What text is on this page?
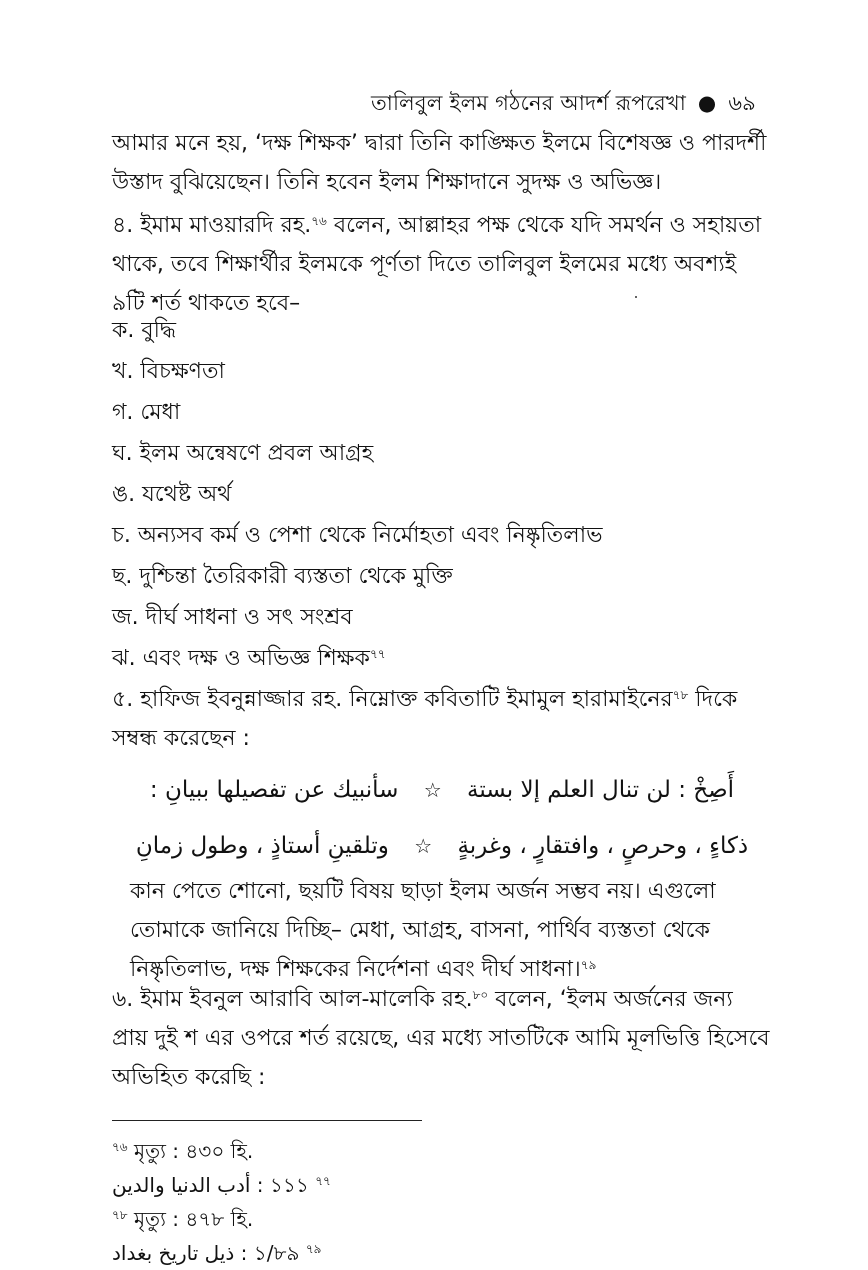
তালিবুল ইলম গঠনের আদর্শ রূপরেখা ● ৬৯
আমার মনে হয়, ‘দক্ষ শিক্ষক’ দ্বারা তিনি কাঙ্ক্ষিত ইলমে বিশেষজ্ঞ ও পারদর্শী উস্তাদ বুঝিয়েছেন। তিনি হবেন ইলম শিক্ষাদানে সুদক্ষ ও অভিজ্ঞ।
৪. ইমাম মাওয়ারদি রহ.$^{৭৬}$ বলেন, আল্লাহর পক্ষ থেকে যদি সমর্থন ও সহায়তা থাকে, তবে শিক্ষার্থীর ইলমকে পূর্ণতা দিতে তালিবুল ইলমের মধ্যে অবশ্যই ৯টি শর্ত থাকতে হবে–
ক. বুদ্ধি
খ. বিচক্ষণতা
গ. মেধা
ঘ. ইলম অন্বেষণে প্রবল আগ্রহ
ঙ. যথেষ্ট অর্থ
চ. অন্যসব কর্ম ও পেশা থেকে নির্মোহতা এবং নিষ্কৃতিলাভ
ছ. দুশ্চিন্তা তৈরিকারী ব্যস্ততা থেকে মুক্তি
জ. দীর্ঘ সাধনা ও সৎ সংশ্রব
ঝ. এবং দক্ষ ও অভিজ্ঞ শিক্ষক$^{৭৭}$
৫. হাফিজ ইবনুন্নাজ্জার রহ. নিম্নোক্ত কবিতাটি ইমামুল হারামাইনের$^{৭৮}$ দিকে সম্বন্ধ করেছেন :
أَصِخْ : لن تنال العلم إلا بستة ☆ سأنبيك عن تفصيلها ببيانِ :
ذكاءٍ ، وحرصٍ ، وافتقارٍ ، وغربةٍ ☆ وتلقينِ أستاذٍ ، وطول زمانِ
কান পেতে শোনো, ছয়টি বিষয় ছাড়া ইলম অর্জন সম্ভব নয়। এগুলো তোমাকে জানিয়ে দিচ্ছি– মেধা, আগ্রহ, বাসনা, পার্থিব ব্যস্ততা থেকে নিষ্কৃতিলাভ, দক্ষ শিক্ষকের নির্দেশনা এবং দীর্ঘ সাধনা।$^{৭৯}$
৬. ইমাম ইবনুল আরাবি আল-মালেকি রহ.$^{৮০}$ বলেন, ‘ইলম অর্জনের জন্য প্রায় দুই শ এর ওপরে শর্ত রয়েছে, এর মধ্যে সাতটিকে আমি মূলভিত্তি হিসেবে অভিহিত করেছি :
$^{৭৬}$ মৃত্যু : ৪৩০ হি.
১১১ : أدب الدنيا والدين $^{৭৭}$
$^{৭৮}$ মৃত্যু : ৪৭৮ হি.
১/৮৯ : ذيل تاريخ بغداد $^{৭৯}$
